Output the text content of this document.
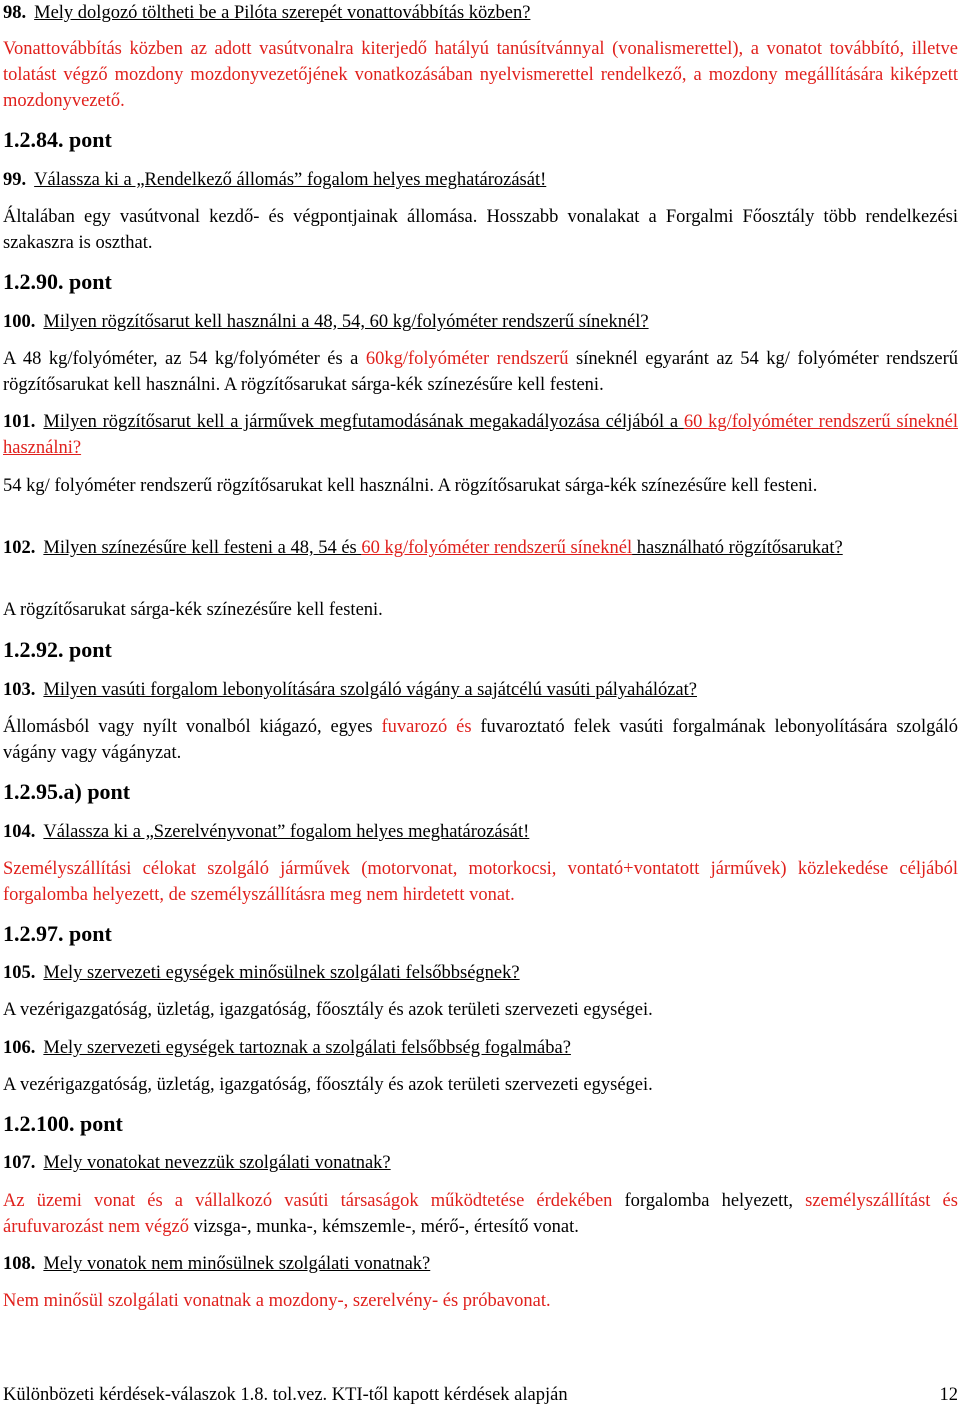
98. Mely dolgozó töltheti be a Pilóta szerepét vonattovábbítás közben?

Vonattovábbítás közben az adott vasútvonalra kiterjedő hatályú tanúsítvánnyal (vonalismerettel), a vonatot továbbító, illetve tolatást végző mozdony mozdonyvezetőjének vonatkozásában nyelvismerettel rendelkező, a mozdony megállítására kiképzett mozdonyvezető.

1.2.84. pont

99. Válassza ki a „Rendelkező állomás” fogalom helyes meghatározását!

Általában egy vasútvonal kezdő- és végpontjainak állomása. Hosszabb vonalakat a Forgalmi Főosztály több rendelkezési szakaszra is oszthat.

1.2.90. pont

100. Milyen rögzítősarut kell használni a 48, 54, 60 kg/folyóméter rendszerű síneknél?

A 48 kg/folyóméter, az 54 kg/folyóméter és a 60kg/folyóméter rendszerű síneknél egyaránt az 54 kg/ folyóméter rendszerű rögzítősarukat kell használni. A rögzítősarukat sárga-kék színezésűre kell festeni.

101. Milyen rögzítősarut kell a járművek megfutamodásának megakadályozása céljából a 60 kg/folyóméter rendszerű síneknél használni?

54 kg/ folyóméter rendszerű rögzítősarukat kell használni. A rögzítősarukat sárga-kék színezésűre kell festeni.

102. Milyen színezésűre kell festeni a 48, 54 és 60 kg/folyóméter rendszerű síneknél használható rögzítősarukat?

A rögzítősarukat sárga-kék színezésűre kell festeni.

1.2.92. pont

103. Milyen vasúti forgalom lebonyolítására szolgáló vágány a sajátcélú vasúti pályahálózat?

Állomásból vagy nyílt vonalból kiágazó, egyes fuvarozó és fuvaroztató felek vasúti forgalmának lebonyolítására szolgáló vágány vagy vágányzat.

1.2.95.a) pont

104. Válassza ki a „Szerelvényvonat” fogalom helyes meghatározását!

Személyszállítási célokat szolgáló járművek (motorvonat, motorkocsi, vontató+vontatott járművek) közlekedése céljából forgalomba helyezett, de személyszállításra meg nem hirdetett vonat.

1.2.97. pont

105. Mely szervezeti egységek minősülnek szolgálati felsőbbségnek?

A vezérigazgatóság, üzletág, igazgatóság, főosztály és azok területi szervezeti egységei.

106. Mely szervezeti egységek tartoznak a szolgálati felsőbbség fogalmába?

A vezérigazgatóság, üzletág, igazgatóság, főosztály és azok területi szervezeti egységei.

1.2.100. pont

107. Mely vonatokat nevezzük szolgálati vonatnak?

Az üzemi vonat és a vállalkozó vasúti társaságok működtetése érdekében forgalomba helyezett, személyszállítást és árufuvarozást nem végző vizsga-, munka-, kémszemle-, mérő-, értesítő vonat.

108. Mely vonatok nem minősülnek szolgálati vonatnak?

Nem minősül szolgálati vonatnak a mozdony-, szerelvény- és próbavonat.

Különbözeti kérdések-válaszok 1.8. tol.vez. KTI-től kapott kérdések alapján	12
